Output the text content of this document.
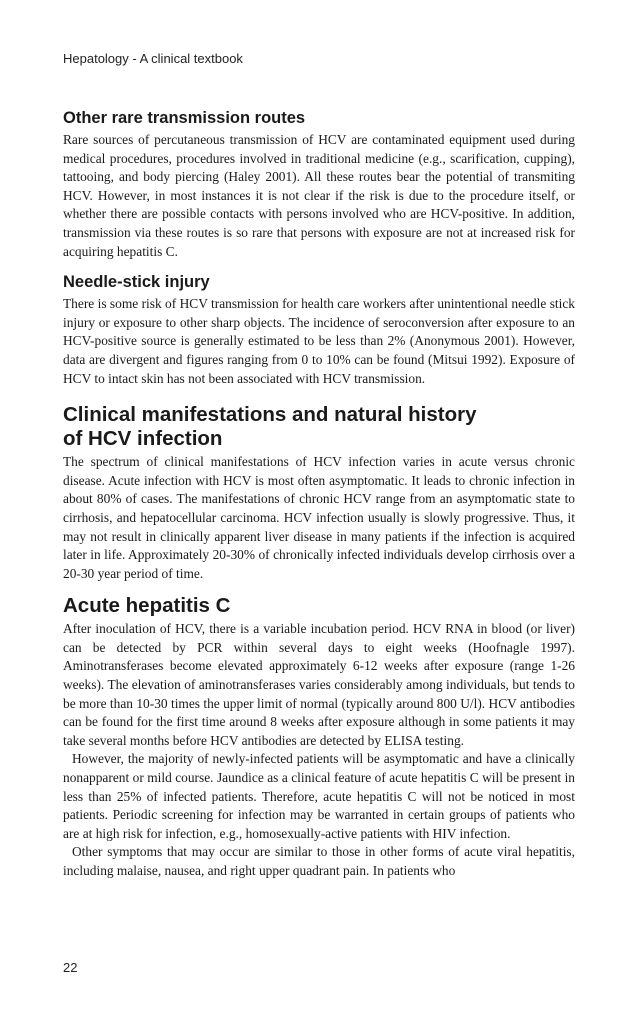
Hepatology - A clinical textbook
Other rare transmission routes

Rare sources of percutaneous transmission of HCV are contaminated equipment used during medical procedures, procedures involved in traditional medicine (e.g., scarification, cupping), tattooing, and body piercing (Haley 2001). All these routes bear the potential of transmiting HCV. However, in most instances it is not clear if the risk is due to the procedure itself, or whether there are possible contacts with persons involved who are HCV-positive. In addition, transmission via these routes is so rare that persons with exposure are not at increased risk for acquiring hepatitis C.

Needle-stick injury

There is some risk of HCV transmission for health care workers after unintentional needle stick injury or exposure to other sharp objects. The incidence of seroconversion after exposure to an HCV-positive source is generally estimated to be less than 2% (Anonymous 2001). However, data are divergent and figures ranging from 0 to 10% can be found (Mitsui 1992). Exposure of HCV to intact skin has not been associated with HCV transmission.

Clinical manifestations and natural history
of HCV infection

The spectrum of clinical manifestations of HCV infection varies in acute versus chronic disease. Acute infection with HCV is most often asymptomatic. It leads to chronic infection in about 80% of cases. The manifestations of chronic HCV range from an asymptomatic state to cirrhosis, and hepatocellular carcinoma. HCV infection usually is slowly progressive. Thus, it may not result in clinically apparent liver disease in many patients if the infection is acquired later in life. Approximately 20-30% of chronically infected individuals develop cirrhosis over a 20-30 year period of time.

Acute hepatitis C

After inoculation of HCV, there is a variable incubation period. HCV RNA in blood (or liver) can be detected by PCR within several days to eight weeks (Hoofnagle 1997). Aminotransferases become elevated approximately 6-12 weeks after exposure (range 1-26 weeks). The elevation of aminotransferases varies considerably among individuals, but tends to be more than 10-30 times the upper limit of normal (typically around 800 U/l). HCV antibodies can be found for the first time around 8 weeks after exposure although in some patients it may take several months before HCV antibodies are detected by ELISA testing.

However, the majority of newly-infected patients will be asymptomatic and have a clinically nonapparent or mild course. Jaundice as a clinical feature of acute hepatitis C will be present in less than 25% of infected patients. Therefore, acute hepatitis C will not be noticed in most patients. Periodic screening for infection may be warranted in certain groups of patients who are at high risk for infection, e.g., homosexually-active patients with HIV infection.

Other symptoms that may occur are similar to those in other forms of acute viral hepatitis, including malaise, nausea, and right upper quadrant pain. In patients who

22
